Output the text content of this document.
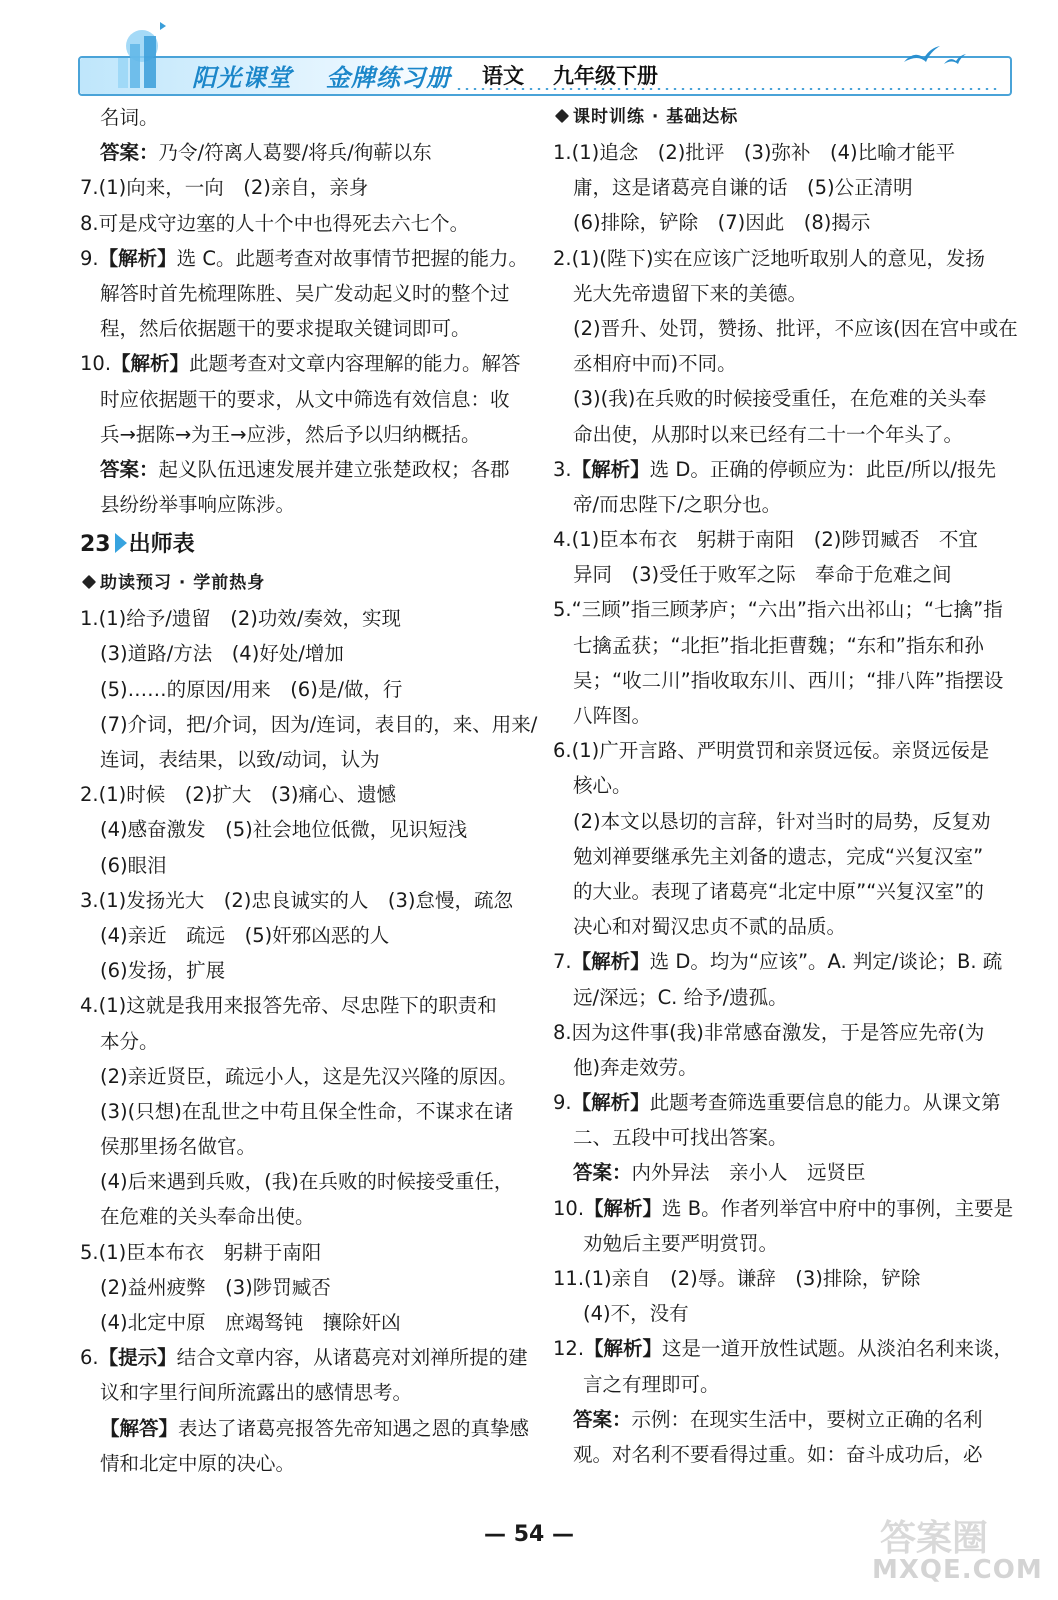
阳光课堂 金牌练习册 语文 九年级下册
名词。
答案：乃令/符离人葛婴/将兵/徇蕲以东
7.(1)向来，一向　(2)亲自，亲身
8.可是戍守边塞的人十个中也得死去六七个。
9.【解析】选 C。此题考查对故事情节把握的能力。
解答时首先梳理陈胜、吴广发动起义时的整个过
程，然后依据题干的要求提取关键词即可。
10.【解析】此题考查对文章内容理解的能力。解答
时应依据题干的要求，从文中筛选有效信息：收
兵→据陈→为王→应涉，然后予以归纳概括。
答案：起义队伍迅速发展并建立张楚政权；各郡
县纷纷举事响应陈涉。
23 出师表
助读预习 · 学前热身
1.(1)给予/遗留　(2)功效/奏效，实现
(3)道路/方法　(4)好处/增加
(5)……的原因/用来　(6)是/做，行
(7)介词，把/介词，因为/连词，表目的，来、用来/
连词，表结果，以致/动词，认为
2.(1)时候　(2)扩大　(3)痛心、遗憾
(4)感奋激发　(5)社会地位低微，见识短浅
(6)眼泪
3.(1)发扬光大　(2)忠良诚实的人　(3)怠慢，疏忽
(4)亲近　疏远　(5)奸邪凶恶的人
(6)发扬，扩展
4.(1)这就是我用来报答先帝、尽忠陛下的职责和
本分。
(2)亲近贤臣，疏远小人，这是先汉兴隆的原因。
(3)(只想)在乱世之中苟且保全性命，不谋求在诸
侯那里扬名做官。
(4)后来遇到兵败，(我)在兵败的时候接受重任，
在危难的关头奉命出使。
5.(1)臣本布衣　躬耕于南阳
(2)益州疲弊　(3)陟罚臧否
(4)北定中原　庶竭驽钝　攘除奸凶
6.【提示】结合文章内容，从诸葛亮对刘禅所提的建
议和字里行间所流露出的感情思考。
【解答】表达了诸葛亮报答先帝知遇之恩的真挚感
情和北定中原的决心。
课时训练 · 基础达标
1.(1)追念　(2)批评　(3)弥补　(4)比喻才能平
庸，这是诸葛亮自谦的话　(5)公正清明
(6)排除，铲除　(7)因此　(8)揭示
2.(1)(陛下)实在应该广泛地听取别人的意见，发扬
光大先帝遗留下来的美德。
(2)晋升、处罚，赞扬、批评，不应该(因在宫中或在
丞相府中而)不同。
(3)(我)在兵败的时候接受重任，在危难的关头奉
命出使，从那时以来已经有二十一个年头了。
3.【解析】选 D。正确的停顿应为：此臣/所以/报先
帝/而忠陛下/之职分也。
4.(1)臣本布衣　躬耕于南阳　(2)陟罚臧否　不宜
异同　(3)受任于败军之际　奉命于危难之间
5.“三顾”指三顾茅庐；“六出”指六出祁山；“七擒”指
七擒孟获；“北拒”指北拒曹魏；“东和”指东和孙
吴；“收二川”指收取东川、西川；“排八阵”指摆设
八阵图。
6.(1)广开言路、严明赏罚和亲贤远佞。亲贤远佞是
核心。
(2)本文以恳切的言辞，针对当时的局势，反复劝
勉刘禅要继承先主刘备的遗志，完成“兴复汉室”
的大业。表现了诸葛亮“北定中原”“兴复汉室”的
决心和对蜀汉忠贞不贰的品质。
7.【解析】选 D。均为“应该”。A. 判定/谈论；B. 疏
远/深远；C. 给予/遗孤。
8.因为这件事(我)非常感奋激发，于是答应先帝(为
他)奔走效劳。
9.【解析】此题考查筛选重要信息的能力。从课文第
二、五段中可找出答案。
答案：内外异法　亲小人　远贤臣
10.【解析】选 B。作者列举宫中府中的事例，主要是
劝勉后主要严明赏罚。
11.(1)亲自　(2)辱。谦辞　(3)排除，铲除
(4)不，没有
12.【解析】这是一道开放性试题。从淡泊名利来谈，
言之有理即可。
答案：示例：在现实生活中，要树立正确的名利
观。对名利不要看得过重。如：奋斗成功后，必
— 54 —	答案圈
MXQE.COM
